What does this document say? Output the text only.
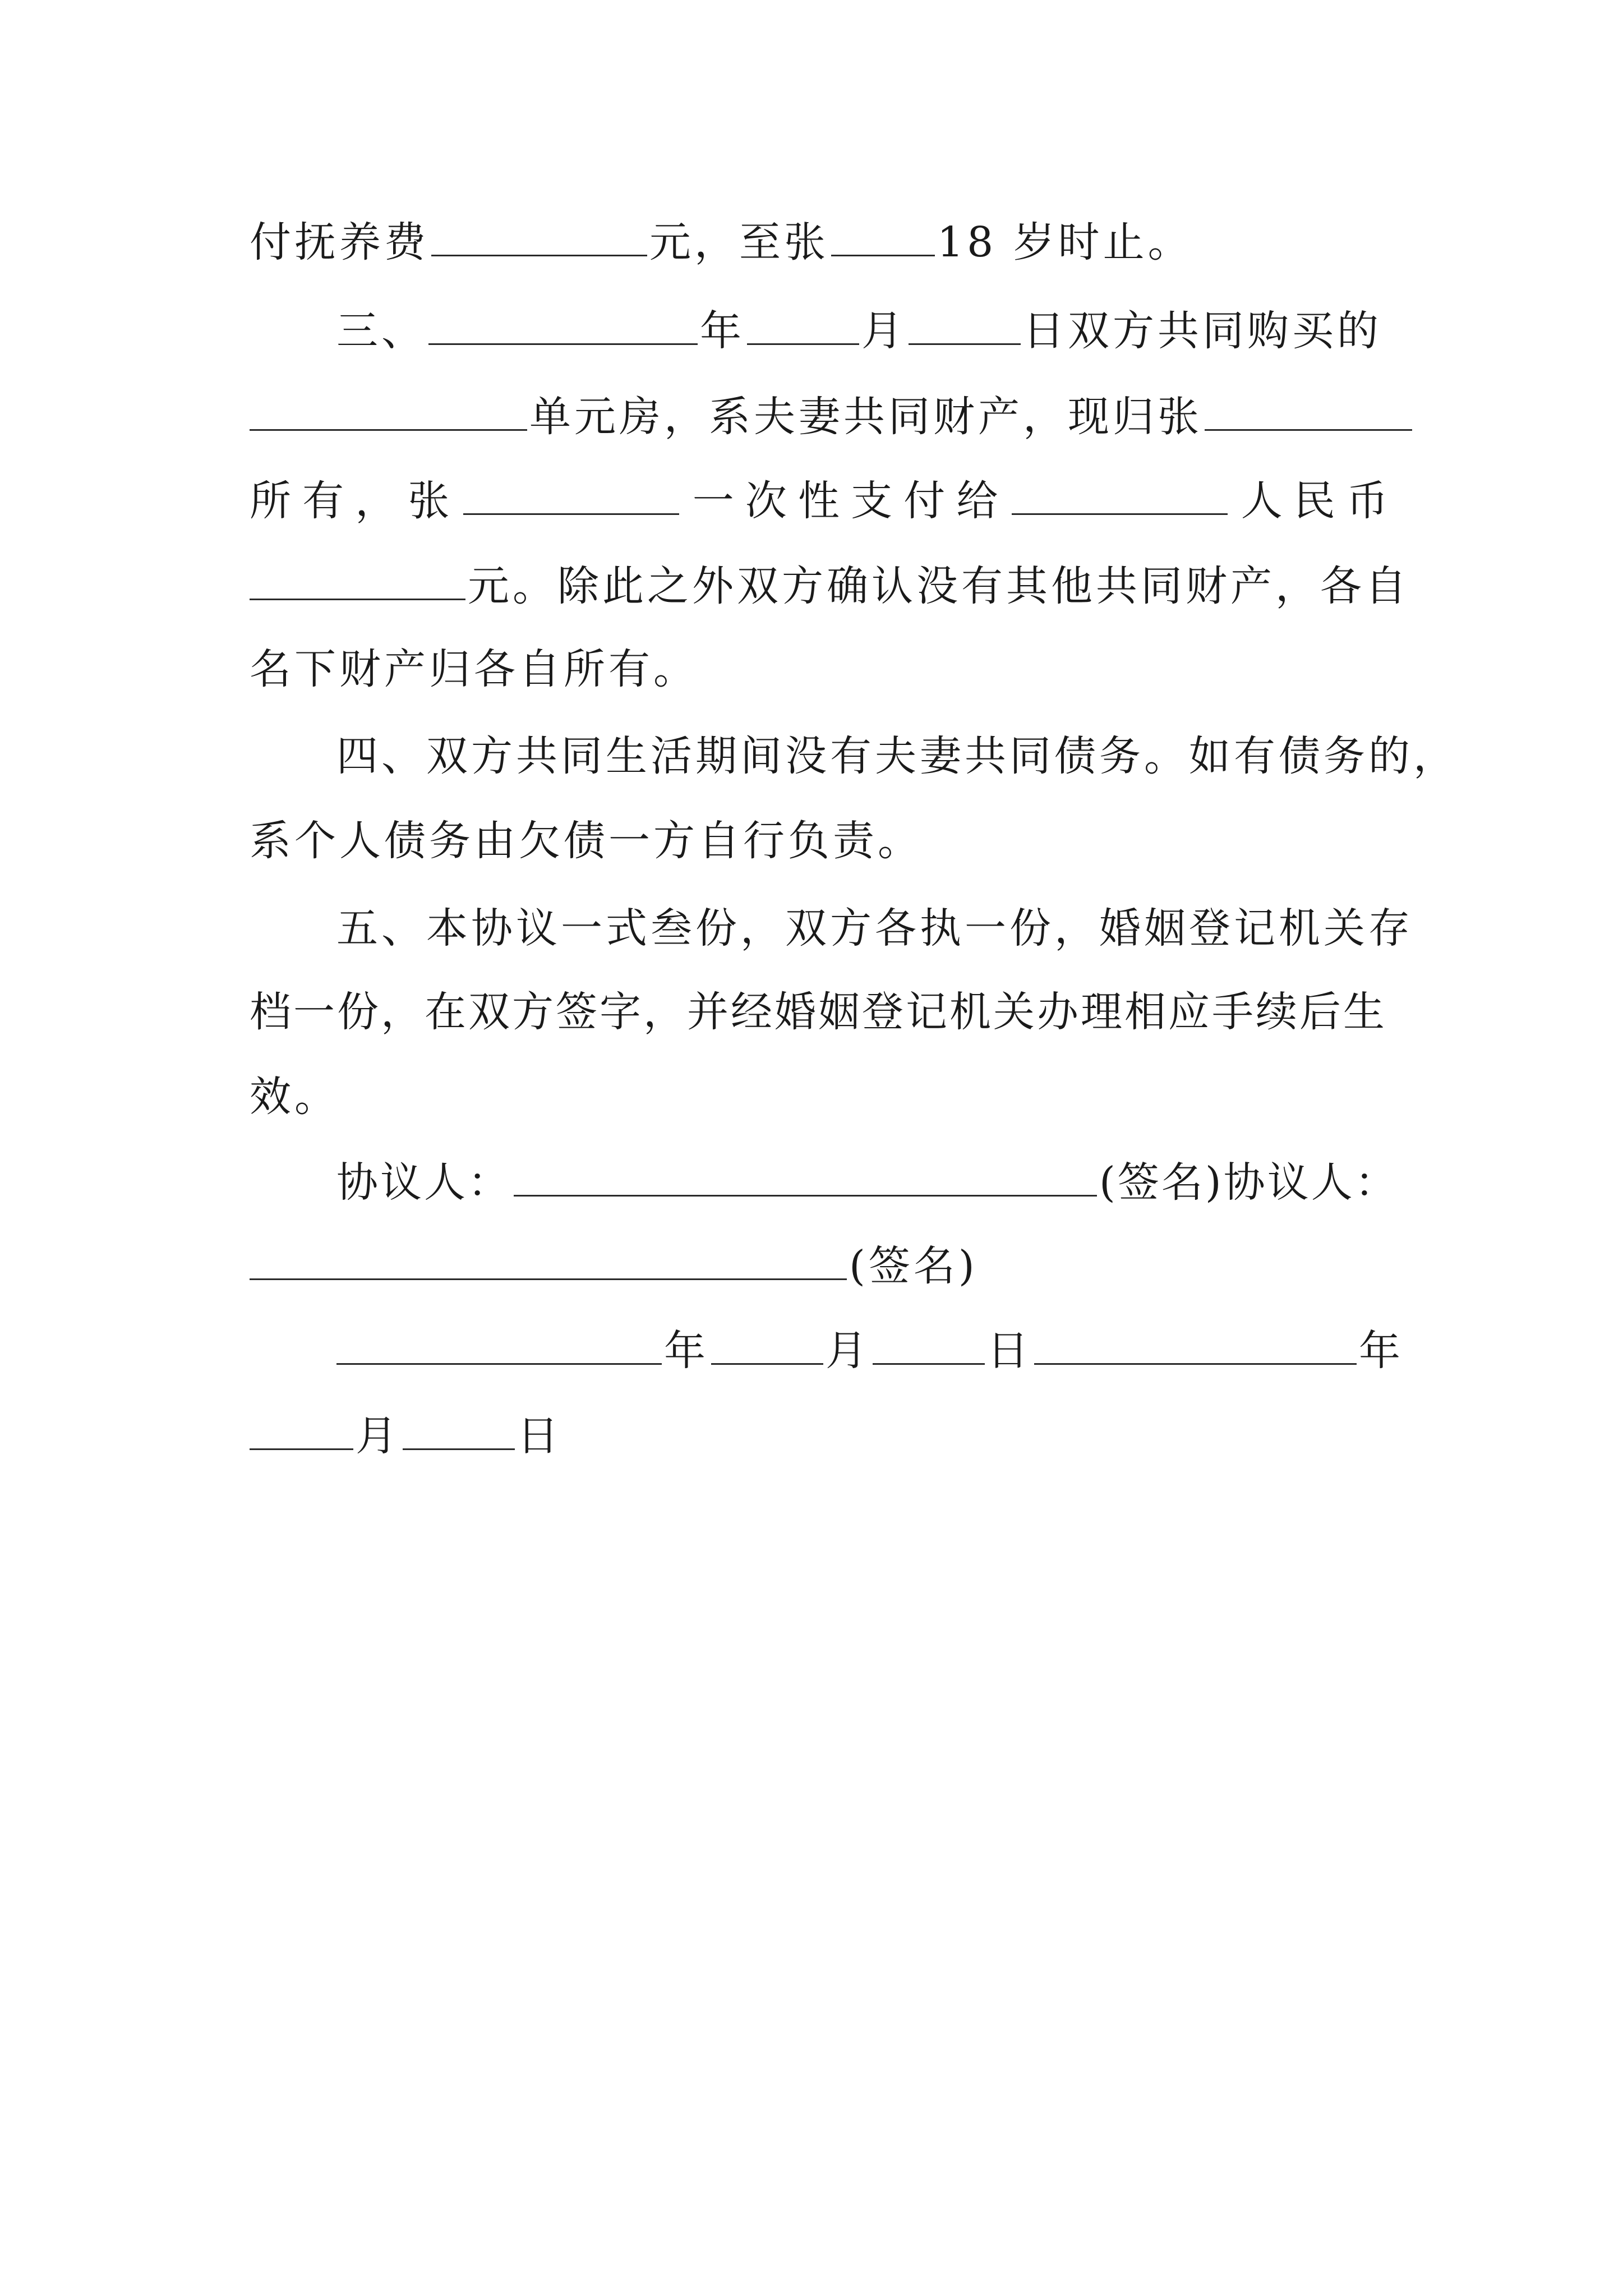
付抚养费	元，至张	18 岁时止。
三、	年	月	日双方共同购买的
单元房，系夫妻共同财产，现归张
所 有 ， 张	一 次 性 支 付 给	人 民 币
元。除此之外双方确认没有其他共同财产，各自
名下财产归各自所有。
四、双方共同生活期间没有夫妻共同债务。如有债务的，
系个人债务由欠债一方自行负责。
五、本协议一式叁份，双方各执一份，婚姻登记机关存
档一份，在双方签字，并经婚姻登记机关办理相应手续后生
效。
协议人：	(签名)协议人：
(签名)
年	月	日	年
月	日
